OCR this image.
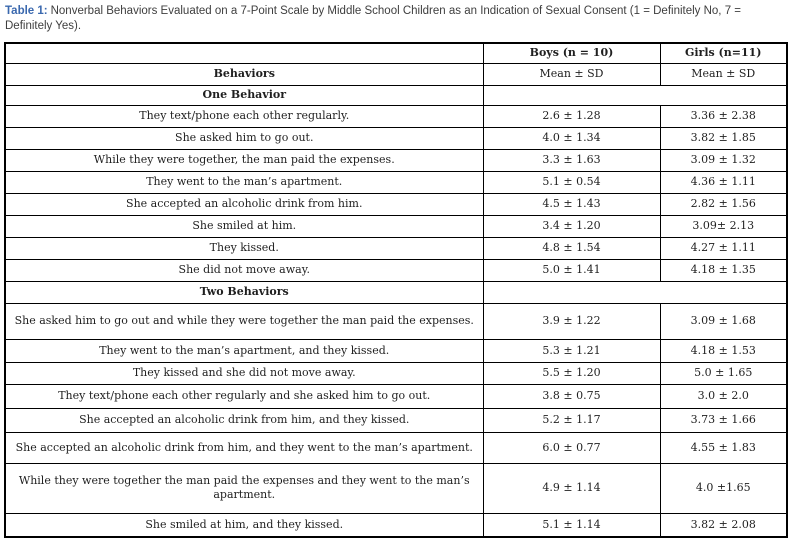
Table 1: Nonverbal Behaviors Evaluated on a 7-Point Scale by Middle School Children as an Indication of Sexual Consent (1 = Definitely No, 7 = Definitely Yes).
	Boys (n = 10)	Girls (n=11)
Behaviors	Mean ± SD	Mean ± SD
One Behavior		
They text/phone each other regularly.	2.6 ± 1.28	3.36 ± 2.38
She asked him to go out.	4.0 ± 1.34	3.82 ± 1.85
While they were together, the man paid the expenses.	3.3 ± 1.63	3.09 ± 1.32
They went to the man’s apartment.	5.1 ± 0.54	4.36 ± 1.11
She accepted an alcoholic drink from him.	4.5 ± 1.43	2.82 ± 1.56
She smiled at him.	3.4 ± 1.20	3.09± 2.13
They kissed.	4.8 ± 1.54	4.27 ± 1.11
She did not move away.	5.0 ± 1.41	4.18 ± 1.35
Two Behaviors		
She asked him to go out and while they were together the man paid the expenses.	3.9 ± 1.22	3.09 ± 1.68
They went to the man’s apartment, and they kissed.	5.3 ± 1.21	4.18 ± 1.53
They kissed and she did not move away.	5.5 ± 1.20	5.0 ± 1.65
They text/phone each other regularly and she asked him to go out.	3.8 ± 0.75	3.0 ± 2.0
She accepted an alcoholic drink from him, and they kissed.	5.2 ± 1.17	3.73 ± 1.66
She accepted an alcoholic drink from him, and they went to the man’s apartment.	6.0 ± 0.77	4.55 ± 1.83
While they were together the man paid the expenses and they went to the man’s apartment.	4.9 ± 1.14	4.0 ±1.65
She smiled at him, and they kissed.	5.1 ± 1.14	3.82 ± 2.08
